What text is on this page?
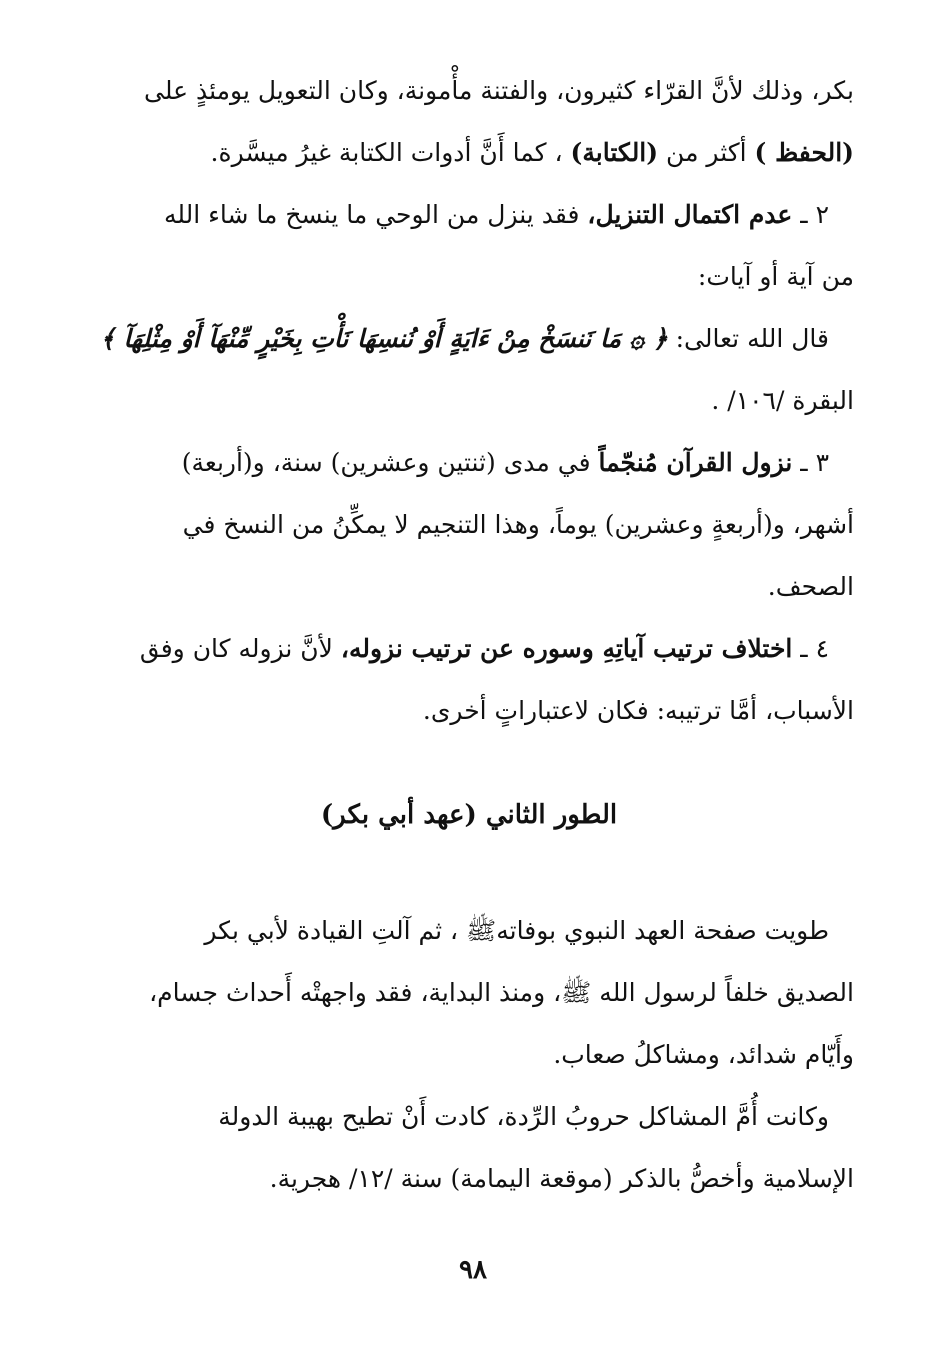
بكر، وذلك لأنَّ القرّاء كثيرون، والفتنة مأْمونة، وكان التعويل يومئذٍ على
(الحفظ ) أكثر من (الكتابة) ، كما أَنَّ أدوات الكتابة غيرُ ميسَّرة.
 ٢ ـ عدم اكتمال التنزيل، فقد ينزل من الوحي ما ينسخ ما شاء الله
من آية أو آيات:
 قال الله تعالى: ﴿ ۞ مَا نَنسَخْ مِنْ ءَايَةٍ أَوْ نُنسِهَا نَأْتِ بِخَيْرٍ مِّنْهَآ أَوْ مِثْلِهَآ ﴾
البقرة /١٠٦/ .
 ٣ ـ نزول القرآن مُنجّماً في مدى (ثنتين وعشرين) سنة، و(أربعة)
أشهر، و(أربعةٍ وعشرين) يوماً، وهذا التنجيم لا يمكِّنُ من النسخ في
الصحف.
 ٤ ـ اختلاف ترتيب آياتِهِ وسوره عن ترتيب نزوله، لأنَّ نزوله كان وفق
الأسباب، أمَّا ترتيبه: فكان لاعتباراتٍ أخرى.
الطور الثاني (عهد أبي بكر)
 طويت صفحة العهد النبوي بوفاتهﷺ ، ثم آلتِ القيادة لأبي بكر
الصديق خلفاً لرسول الله ﷺ، ومنذ البداية، فقد واجهتْه أَحداث جسام،
وأَيّام شدائد، ومشاكلُ صعاب.
 وكانت أُمَّ المشاكل حروبُ الرِّدة، كادت أَنْ تطيح بهيبة الدولة
الإسلامية وأخصُّ بالذكر (موقعة اليمامة) سنة /١٢/ هجرية.
٩٨
